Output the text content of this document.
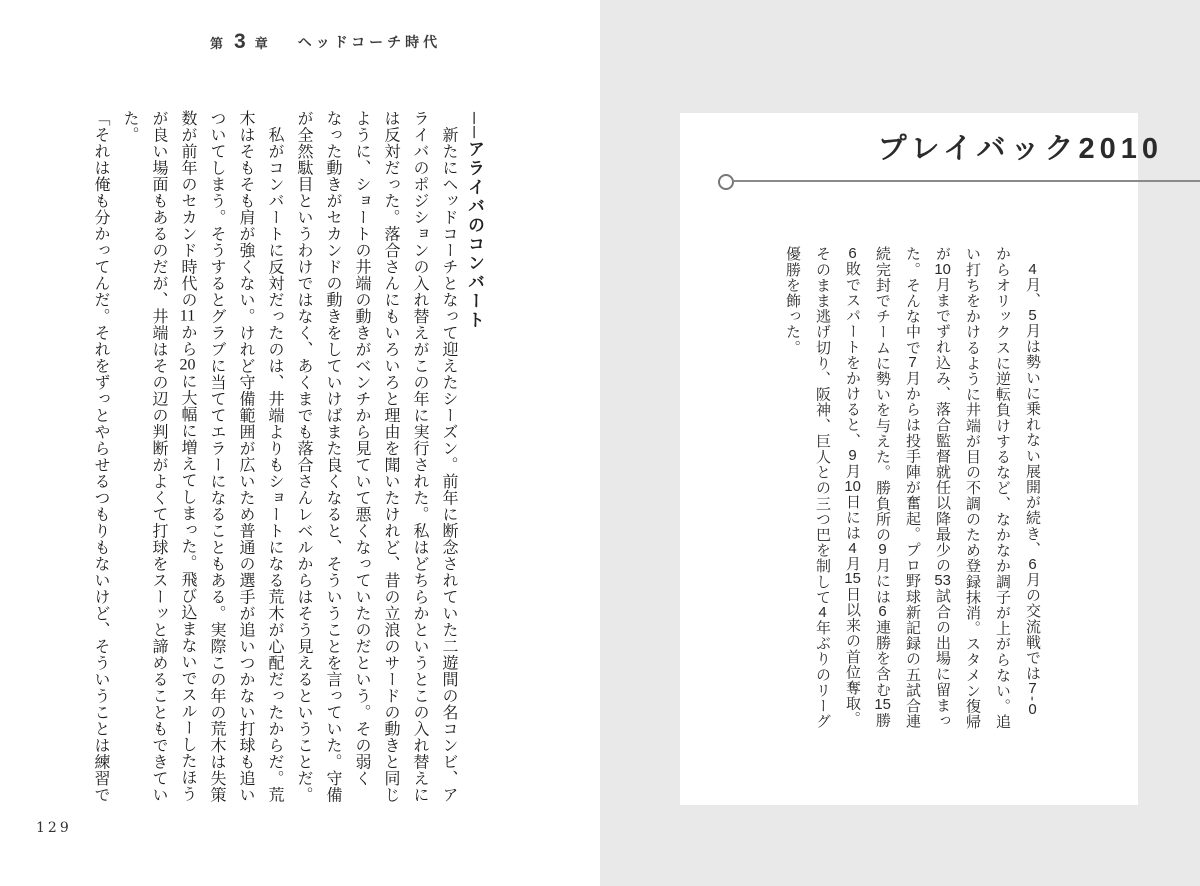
第 3 章 ヘッドコーチ時代
──アライバのコンバート
　新たにヘッドコーチとなって迎えたシーズン。前年に断念されていた二遊間の名コンビ、ア
ライバのポジションの入れ替えがこの年に実行された。私はどちらかというとこの入れ替えに
は反対だった。落合さんにもいろいろと理由を聞いたけれど、昔の立浪のサードの動きと同じ
ように、ショートの井端の動きがベンチから見ていて悪くなっていたのだという。その弱く
なった動きがセカンドの動きをしていけばまた良くなると、そういうことを言っていた。守備
が全然駄目というわけではなく、あくまでも落合さんレベルからはそう見えるということだ。
　私がコンバートに反対だったのは、井端よりもショートになる荒木が心配だったからだ。荒
木はそもそも肩が強くない。けれど守備範囲が広いため普通の選手が追いつかない打球も追い
ついてしまう。そうするとグラブに当ててエラーになることもある。実際この年の荒木は失策
数が前年のセカンド時代の11から20に大幅に増えてしまった。飛び込まないでスルーしたほう
が良い場面もあるのだが、井端はその辺の判断がよくて打球をスーッと諦めることもできてい
た。
「それは俺も分かってんだ。それをずっとやらせるつもりもないけど、そういうことは練習で
129
プレイバック2010
　4月、5月は勢いに乗れない展開が続き、6月の交流戦では7-0
からオリックスに逆転負けするなど、なかなか調子が上がらない。追
い打ちをかけるように井端が目の不調のため登録抹消。スタメン復帰
が10月までずれ込み、落合監督就任以降最少の53試合の出場に留まっ
た。そんな中で7月からは投手陣が奮起。プロ野球新記録の五試合連
続完封でチームに勢いを与えた。勝負所の9月には6連勝を含む15勝
6敗でスパートをかけると、9月10日には4月15日以来の首位奪取。
そのまま逃げ切り、阪神、巨人との三つ巴を制して4年ぶりのリーグ
優勝を飾った。
